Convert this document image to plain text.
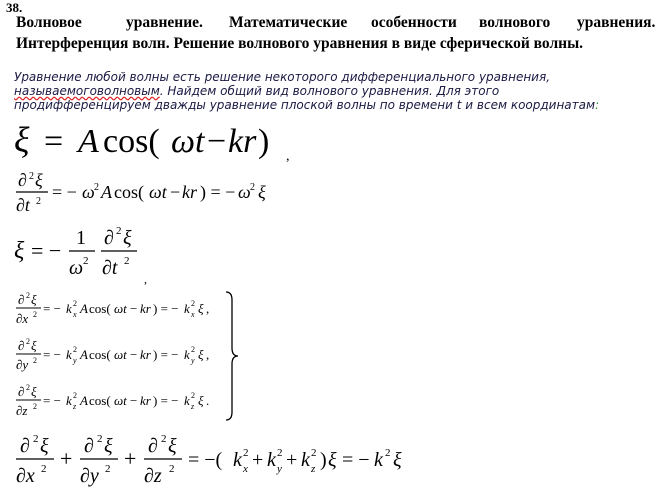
38.
Волновое	уравнение. Математические особенности волнового уравнения.
Интерференция волн. Решение волнового уравнения в виде сферической волны.
Уравнение любой волны есть решение некоторого дифференциального уравнения,
называемоговолновым. Найдем общий вид волнового уравнения. Для этого
продифференцируем дважды уравнение плоской волны по времени t и всем координатам:
ξ = A cos( ωt − kr ) ,
∂ 2 ξ
∂t 2 = − ω 2 A cos( ωt − kr ) = − ω 2 ξ
ξ = − 1
ω 2
∂ 2 ξ
∂t 2
,
∂ 2 ξ
∂x 2 = − k 2
x A cos( ωt − kr ) = − k 2
x ξ ,
∂ 2 ξ
∂y 2 = − k 2
y A cos( ωt − kr ) = − k 2
y ξ ,
∂ 2 ξ
∂z 2 = − k 2
z A cos( ωt − kr ) = − k 2
z ξ .
∂ 2 ξ
∂x 2 + ∂ 2 ξ
∂y 2 + ∂ 2 ξ
∂z 2 = −( k 2
x + k 2
y + k 2
z ) ξ = − k 2 ξ
